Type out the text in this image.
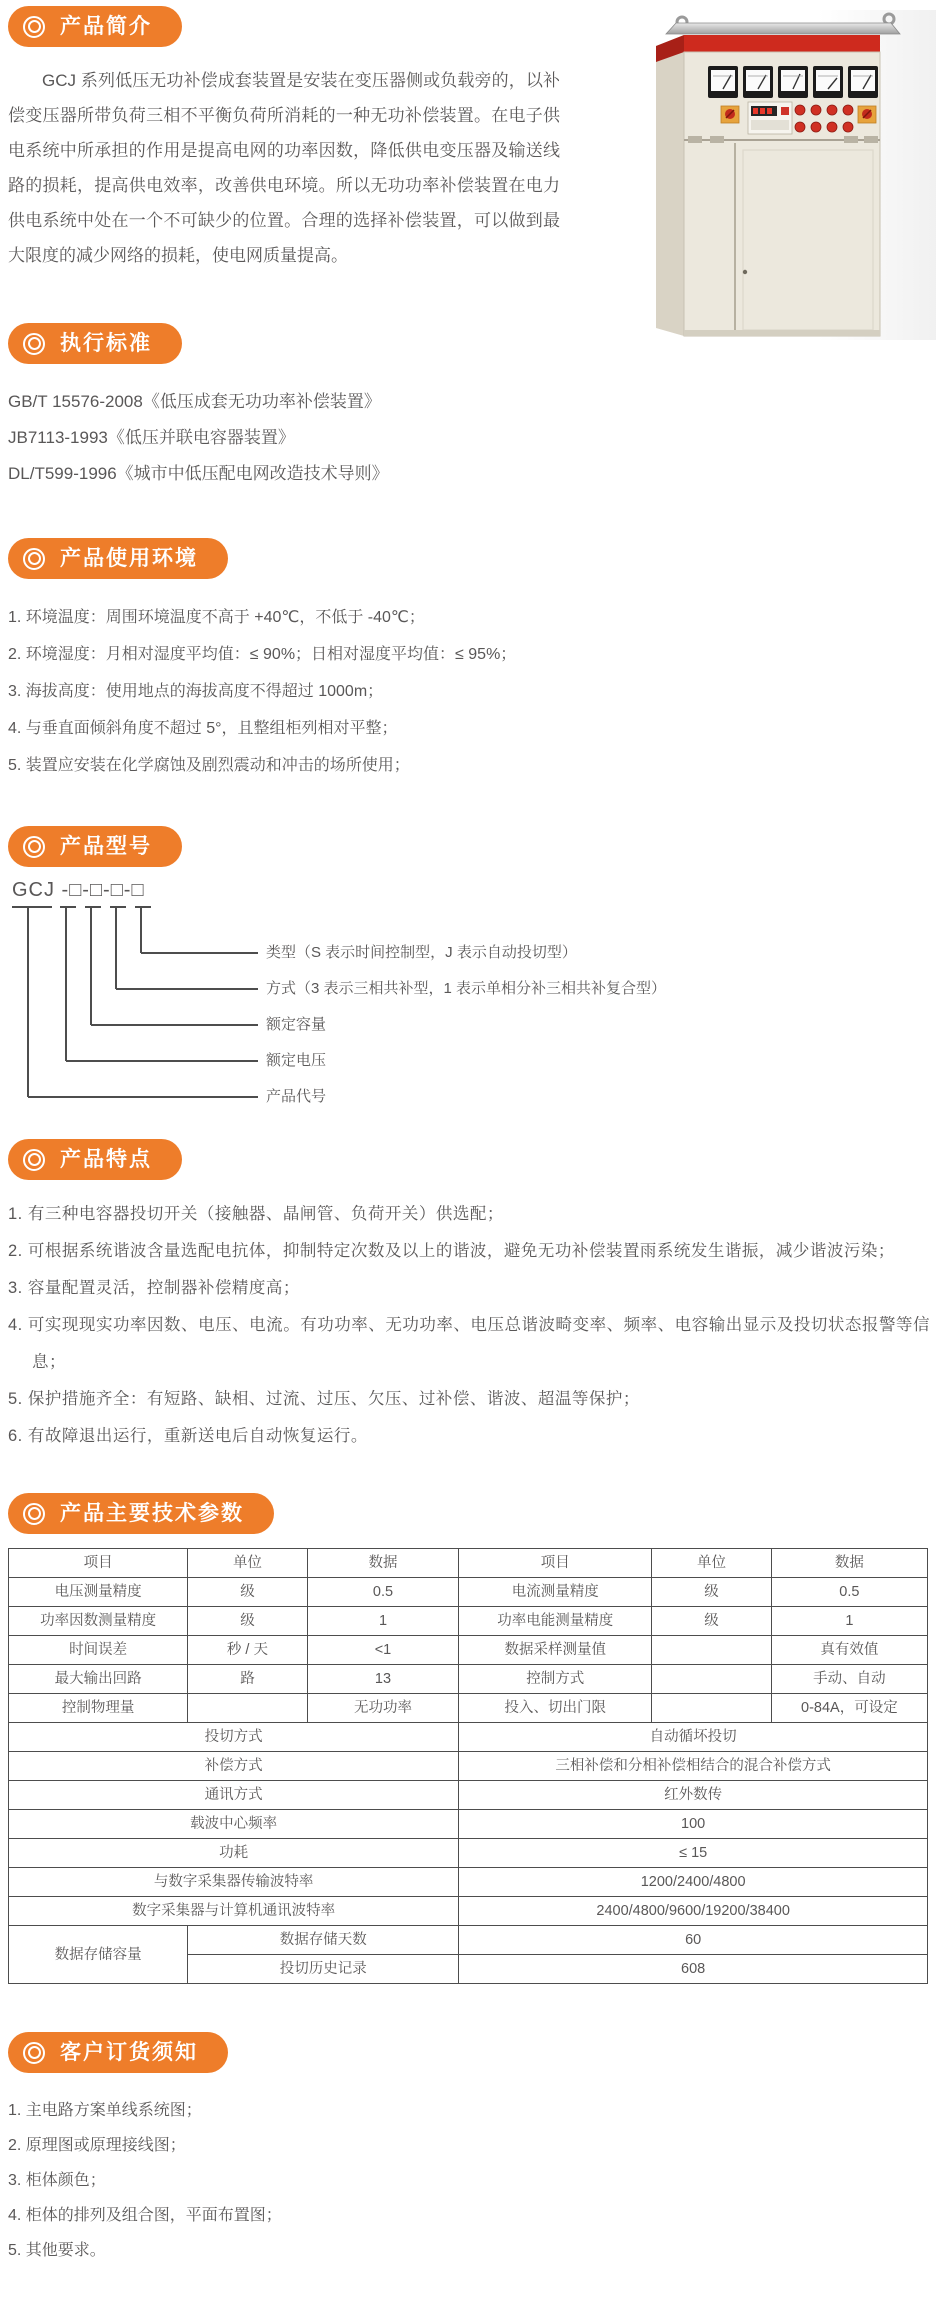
产品简介

GCJ 系列低压无功补偿成套装置是安装在变压器侧或负载旁的，以补偿变压器所带负荷三相不平衡负荷所消耗的一种无功补偿装置。在电子供电系统中所承担的作用是提高电网的功率因数，降低供电变压器及输送线路的损耗，提高供电效率，改善供电环境。所以无功功率补偿装置在电力供电系统中处在一个不可缺少的位置。合理的选择补偿装置，可以做到最大限度的减少网络的损耗，使电网质量提高。

执行标准
GB/T 15576-2008《低压成套无功功率补偿装置》
JB7113-1993《低压并联电容器装置》
DL/T599-1996《城市中低压配电网改造技术导则》
产品使用环境
1. 环境温度：周围环境温度不高于 +40℃，不低于 -40℃；
2. 环境湿度：月相对湿度平均值：≤ 90%；日相对湿度平均值：≤ 95%；
3. 海拔高度：使用地点的海拔高度不得超过 1000m；
4. 与垂直面倾斜角度不超过 5°，且整组柜列相对平整；
5. 装置应安装在化学腐蚀及剧烈震动和冲击的场所使用；
产品型号
GCJ -□-□-□-□
类型（S 表示时间控制型，J 表示自动投切型）
方式（3 表示三相共补型，1 表示单相分补三相共补复合型）
额定容量
额定电压
产品代号
产品特点
1. 有三种电容器投切开关（接触器、晶闸管、负荷开关）供选配；
2. 可根据系统谐波含量选配电抗体，抑制特定次数及以上的谐波，避免无功补偿装置雨系统发生谐振，减少谐波污染；
3. 容量配置灵活，控制器补偿精度高；
4. 可实现现实功率因数、电压、电流。有功功率、无功功率、电压总谐波畸变率、频率、电容输出显示及投切状态报警等信息；
5. 保护措施齐全：有短路、缺相、过流、过压、欠压、过补偿、谐波、超温等保护；
6. 有故障退出运行，重新送电后自动恢复运行。
产品主要技术参数
项目	单位	数据	项目	单位	数据
电压测量精度	级	0.5	电流测量精度	级	0.5
功率因数测量精度	级	1	功率电能测量精度	级	1
时间误差	秒 / 天	<1	数据采样测量值		真有效值
最大输出回路	路	13	控制方式		手动、自动
控制物理量		无功功率	投入、切出门限		0-84A，可设定
投切方式			自动循坏投切		
补偿方式			三相补偿和分相补偿相结合的混合补偿方式		
通讯方式			红外数传		
载波中心频率			100		
功耗			≤ 15		
与数字采集器传输波特率			1200/2400/4800		
数字采集器与计算机通讯波特率			2400/4800/9600/19200/38400		
数据存储容量	数据存储天数		60		
	投切历史记录		608		
客户订货须知
1. 主电路方案单线系统图；
2. 原理图或原理接线图；
3. 柜体颜色；
4. 柜体的排列及组合图，平面布置图；
5. 其他要求。
